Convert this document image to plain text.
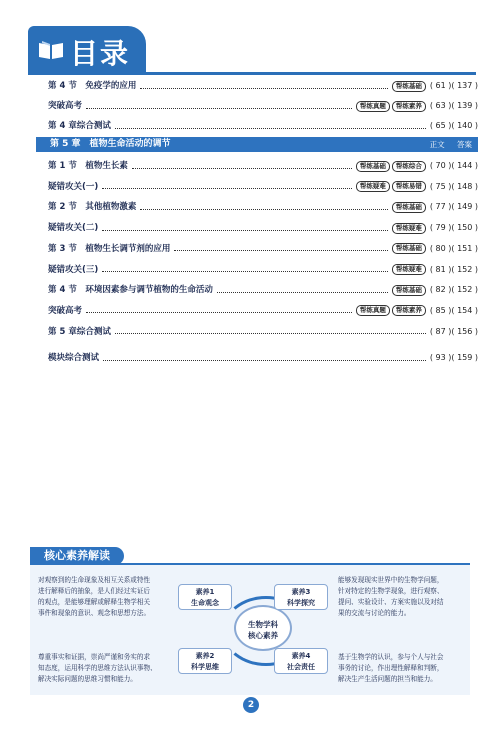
目录
第 4 节　免疫学的应用	帮练基础	( 61 )( 137 )
突破高考	帮练真题	帮练素养	( 63 )( 139 )
第 4 章综合测试	( 65 )( 140 )
第 5 章　植物生命活动的调节	正文 答案
第 1 节　植物生长素	帮练基础	帮练综合	( 70 )( 144 )
疑错攻关(一)	帮练疑难	帮练易错	( 75 )( 148 )
第 2 节　其他植物激素	帮练基础	( 77 )( 149 )
疑错攻关(二)	帮练疑难	( 79 )( 150 )
第 3 节　植物生长调节剂的应用	帮练基础	( 80 )( 151 )
疑错攻关(三)	帮练疑难	( 81 )( 152 )
第 4 节　环境因素参与调节植物的生命活动	帮练基础	( 82 )( 152 )
突破高考	帮练真题	帮练素养	( 85 )( 154 )
第 5 章综合测试	( 87 )( 156 )
模块综合测试	( 93 )( 159 )
核心素养解读
对观察到的生命现象及相互关系或特性
进行解释后的抽象，是人们经过实证后
的观点，是能够理解或解释生物学相关
事件和现象的意识、观念和思想方法。
尊重事实和证据，崇尚严谨和务实的求
知态度，运用科学的思维方法认识事物、
解决实际问题的思维习惯和能力。
能够发现现实世界中的生物学问题，
针对特定的生物学现象，进行观察、
提问、实验设计、方案实施以及对结
果的交流与讨论的能力。
基于生物学的认识，参与个人与社会
事务的讨论，作出理性解释和判断，
解决生产生活问题的担当和能力。
生物学科
核心素养
素养1
生命观念
素养2
科学思维
素养3
科学探究
素养4
社会责任
2
